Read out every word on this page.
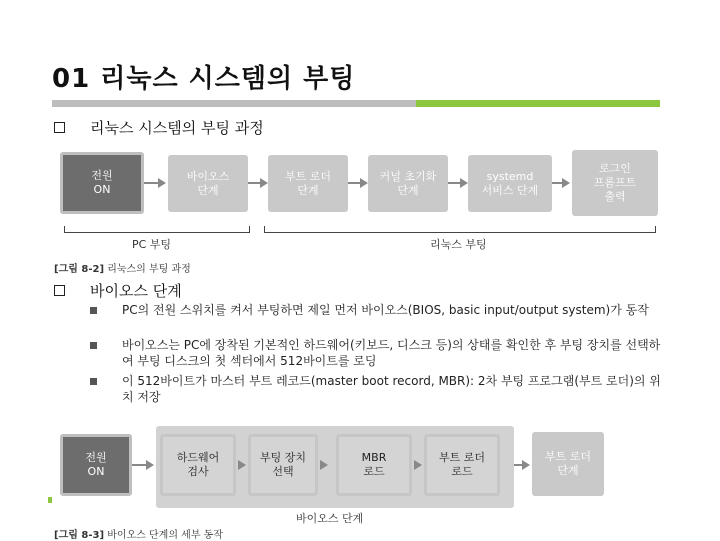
01 리눅스 시스템의 부팅
리눅스 시스템의 부팅 과정
전원
ON
바이오스
단계
부트 로더
단계
커널 초기화
단계
systemd
서비스 단계
로그인
프롬프트
출력
PC 부팅	리눅스 부팅
[그림 8-2] 리눅스의 부팅 과정
바이오스 단계
PC의 전원 스위치를 켜서 부팅하면 제일 먼저 바이오스(BIOS, basic input/output system)가 동작
바이오스는 PC에 장착된 기본적인 하드웨어(키보드, 디스크 등)의 상태를 확인한 후 부팅 장치를 선택하여 부팅 디스크의 첫 섹터에서 512바이트를 로딩
이 512바이트가 마스터 부트 레코드(master boot record, MBR): 2차 부팅 프로그램(부트 로더)의 위치 저장
전원
ON
하드웨어
검사
부팅 장치
선택
MBR
로드
부트 로더
로드
부트 로더
단계
바이오스 단계
[그림 8-3] 바이오스 단계의 세부 동작
